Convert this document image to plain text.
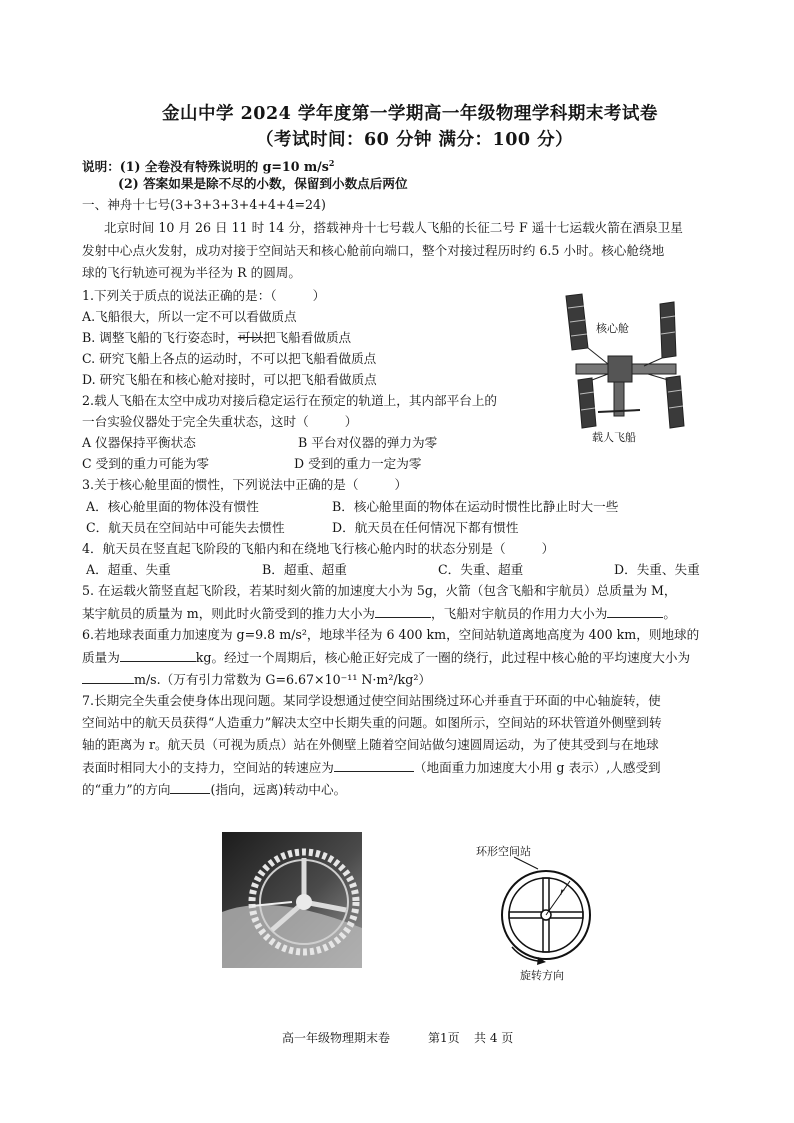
金山中学 2024 学年度第一学期高一年级物理学科期末考试卷
（考试时间：60 分钟 满分：100 分）
说明：(1) 全卷没有特殊说明的 g=10 $m/s^2$
(2) 答案如果是除不尽的小数，保留到小数点后两位
一、神舟十七号(3+3+3+3+4+4+4=24)
北京时间 10 月 26 日 11 时 14 分，搭载神舟十七号载人飞船的长征二号 F 遥十七运载火箭在酒泉卫星
发射中心点火发射，成功对接于空间站天和核心舱前向端口，整个对接过程历时约 6.5 小时。核心舱绕地
球的飞行轨迹可视为半径为 R 的圆周。
1.下列关于质点的说法正确的是：（	）
A.飞船很大，所以一定不可以看做质点
B. 调整飞船的飞行姿态时，可以把飞船看做质点
C. 研究飞船上各点的运动时，不可以把飞船看做质点
D. 研究飞船在和核心舱对接时，可以把飞船看做质点
2.载人飞船在太空中成功对接后稳定运行在预定的轨道上，其内部平台上的
一台实验仪器处于完全失重状态，这时（	）
A 仪器保持平衡状态	B 平台对仪器的弹力为零
C 受到的重力可能为零	D 受到的重力一定为零
3.关于核心舱里面的惯性，下列说法中正确的是（	）
A．核心舱里面的物体没有惯性	B．核心舱里面的物体在运动时惯性比静止时大一些
C．航天员在空间站中可能失去惯性	D．航天员在任何情况下都有惯性
4．航天员在竖直起飞阶段的飞船内和在绕地飞行核心舱内时的状态分别是（	）
A．超重、失重	B．超重、超重	C．失重、超重	D．失重、失重
5. 在运载火箭竖直起飞阶段，若某时刻火箭的加速度大小为 5g，火箭（包含飞船和宇航员）总质量为 M，
某宇航员的质量为 m，则此时火箭受到的推力大小为	，飞船对宇航员的作用力大小为	。
6.若地球表面重力加速度为 g=9.8 m/s²，地球半径为 6 400 km，空间站轨道离地高度为 400 km，则地球的
质量为	kg。经过一个周期后，核心舱正好完成了一圈的绕行，此过程中核心舱的平均速度大小为
m/s.（万有引力常数为 G=6.67×10⁻¹¹ N·m²/kg²）
7.长期完全失重会使身体出现问题。某同学设想通过使空间站围绕过环心并垂直于环面的中心轴旋转，使
空间站中的航天员获得“人造重力”解决太空中长期失重的问题。如图所示，空间站的环状管道外侧壁到转
轴的距离为 r。航天员（可视为质点）站在外侧壁上随着空间站做匀速圆周运动，为了使其受到与在地球
表面时相同大小的支持力，空间站的转速应为	（地面重力加速度大小用 g 表示）,人感受到
的“重力”的方向	(指向，远离)转动中心。
核心舱
载人飞船
环形空间站
r
旋转方向
高一年级物理期末卷	第1页 共 4 页
